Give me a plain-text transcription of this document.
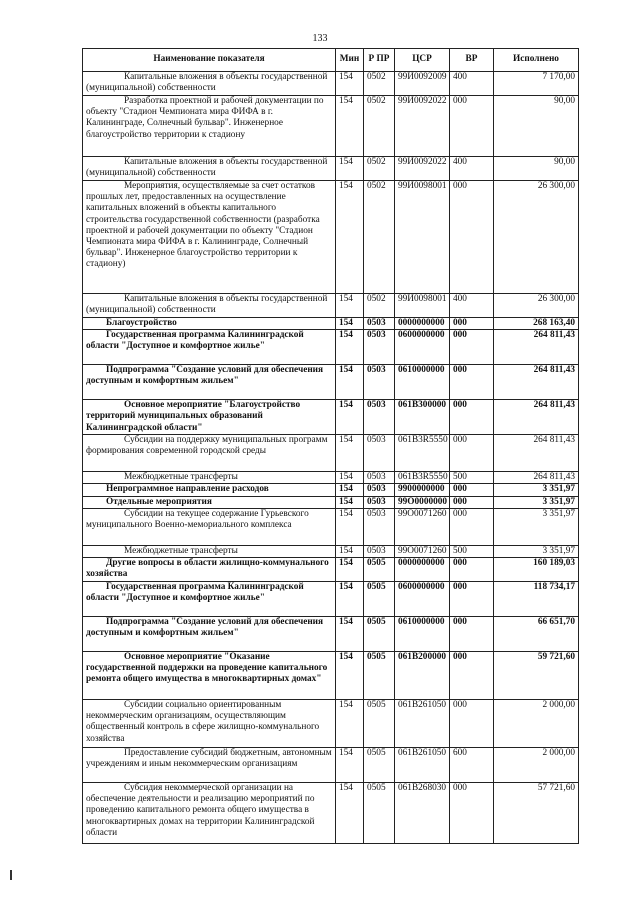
133
Наименование показателя	Мин	Р ПР	ЦСР	ВР	Исполнено
Капитальные вложения в объекты государственной (муниципальной) собственности	154	0502	99И0092009	400	7 170,00
Разработка проектной и рабочей документации по объекту "Стадион Чемпионата мира ФИФА в г. Калининграде, Солнечный бульвар". Инженерное благоустройство территории к стадиону	154	0502	99И0092022	000	90,00
Капитальные вложения в объекты государственной (муниципальной) собственности	154	0502	99И0092022	400	90,00
Мероприятия, осуществляемые за счет остатков прошлых лет, предоставленных на осуществление капитальных вложений в объекты капитального строительства государственной собственности (разработка проектной и рабочей документации по объекту "Стадион Чемпионата мира ФИФА в г. Калининграде, Солнечный бульвар". Инженерное благоустройство территории к стадиону)	154	0502	99И0098001	000	26 300,00
Капитальные вложения в объекты государственной (муниципальной) собственности	154	0502	99И0098001	400	26 300,00
Благоустройство	154	0503	0000000000	000	268 163,40
Государственная программа Калининградской области "Доступное и комфортное жилье"	154	0503	0600000000	000	264 811,43
Подпрограмма "Создание условий для обеспечения доступным и комфортным жильем"	154	0503	0610000000	000	264 811,43
Основное мероприятие "Благоустройство территорий муниципальных образований Калининградской области"	154	0503	061В300000	000	264 811,43
Субсидии на поддержку муниципальных программ формирования современной городской среды	154	0503	061В3R5550	000	264 811,43
Межбюджетные трансферты	154	0503	061В3R5550	500	264 811,43
Непрограммное направление расходов	154	0503	9900000000	000	3 351,97
Отдельные мероприятия	154	0503	99О0000000	000	3 351,97
Субсидии на текущее содержание Гурьевского муниципального Военно-мемориального комплекса	154	0503	99О0071260	000	3 351,97
Межбюджетные трансферты	154	0503	99О0071260	500	3 351,97
Другие вопросы в области жилищно-коммунального хозяйства	154	0505	0000000000	000	160 189,03
Государственная программа Калининградской области "Доступное и комфортное жилье"	154	0505	0600000000	000	118 734,17
Подпрограмма "Создание условий для обеспечения доступным и комфортным жильем"	154	0505	0610000000	000	66 651,70
Основное мероприятие "Оказание государственной поддержки на проведение капитального ремонта общего имущества в многоквартирных домах"	154	0505	061В200000	000	59 721,60
Субсидии социально ориентированным некоммерческим организациям, осуществляющим общественный контроль в сфере жилищно-коммунального хозяйства	154	0505	061В261050	000	2 000,00
Предоставление субсидий бюджетным, автономным учреждениям и иным некоммерческим организациям	154	0505	061В261050	600	2 000,00
Субсидия некоммерческой организации на обеспечение деятельности и реализацию мероприятий по проведению капитального ремонта общего имущества в многоквартирных домах на территории Калининградской области	154	0505	061В268030	000	57 721,60
